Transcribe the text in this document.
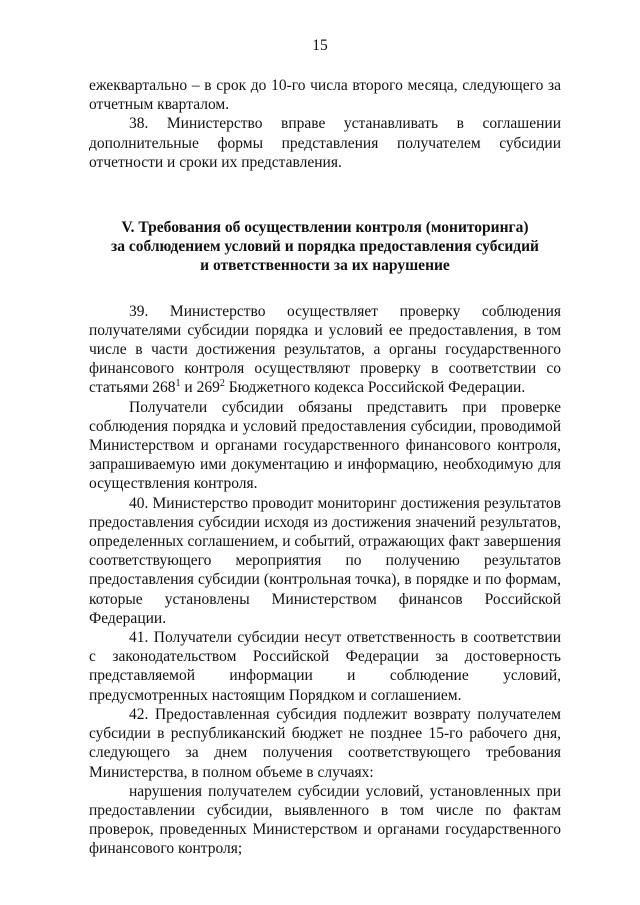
15

ежеквартально – в срок до 10-го числа второго месяца, следующего за отчетным кварталом.

38. Министерство вправе устанавливать в соглашении дополнительные формы представления получателем субсидии отчетности и сроки их представления.

V. Требования об осуществлении контроля (мониторинга)
за соблюдением условий и порядка предоставления субсидий
и ответственности за их нарушение

39. Министерство осуществляет проверку соблюдения получателями субсидии порядка и условий ее предоставления, в том числе в части достижения результатов, а органы государственного финансового контроля осуществляют проверку в соответствии со статьями $268^1$ и $269^2$ Бюджетного кодекса Российской Федерации.

Получатели субсидии обязаны представить при проверке соблюдения порядка и условий предоставления субсидии, проводимой Министерством и органами государственного финансового контроля, запрашиваемую ими документацию и информацию, необходимую для осуществления контроля.

40. Министерство проводит мониторинг достижения результатов предоставления субсидии исходя из достижения значений результатов, определенных соглашением, и событий, отражающих факт завершения соответствующего мероприятия по получению результатов предоставления субсидии (контрольная точка), в порядке и по формам, которые установлены Министерством финансов Российской Федерации.

41. Получатели субсидии несут ответственность в соответствии с законодательством Российской Федерации за достоверность представляемой информации и соблюдение условий, предусмотренных настоящим Порядком и соглашением.

42. Предоставленная субсидия подлежит возврату получателем субсидии в республиканский бюджет не позднее 15-го рабочего дня, следующего за днем получения соответствующего требования Министерства, в полном объеме в случаях:

нарушения получателем субсидии условий, установленных при предоставлении субсидии, выявленного в том числе по фактам проверок, проведенных Министерством и органами государственного финансового контроля;
